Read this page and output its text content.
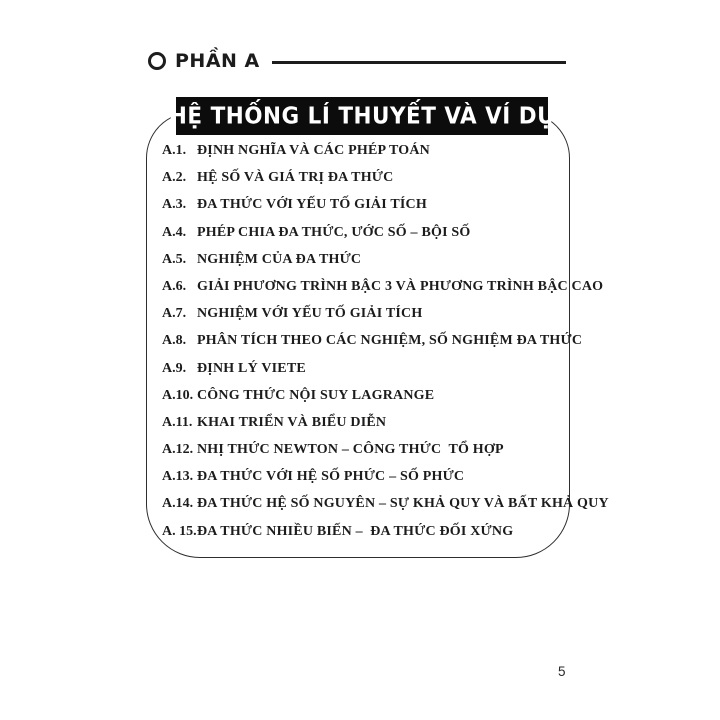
PHẦN A
HỆ THỐNG LÍ THUYẾT VÀ VÍ DỤ
A.1. ĐỊNH NGHĨA VÀ CÁC PHÉP TOÁN
A.2. HỆ SỐ VÀ GIÁ TRỊ ĐA THỨC
A.3. ĐA THỨC VỚI YẾU TỐ GIẢI TÍCH
A.4. PHÉP CHIA ĐA THỨC, ƯỚC SỐ – BỘI SỐ
A.5. NGHIỆM CỦA ĐA THỨC
A.6. GIẢI PHƯƠNG TRÌNH BẬC 3 VÀ PHƯƠNG TRÌNH BẬC CAO
A.7. NGHIỆM VỚI YẾU TỐ GIẢI TÍCH
A.8. PHÂN TÍCH THEO CÁC NGHIỆM, SỐ NGHIỆM ĐA THỨC
A.9. ĐỊNH LÝ VIETE
A.10. CÔNG THỨC NỘI SUY LAGRANGE
A.11. KHAI TRIỂN VÀ BIỂU DIỄN
A.12. NHỊ THỨC NEWTON – CÔNG THỨC  TỔ HỢP
A.13. ĐA THỨC VỚI HỆ SỐ PHỨC – SỐ PHỨC
A.14. ĐA THỨC HỆ SỐ NGUYÊN – SỰ KHẢ QUY VÀ BẤT KHẢ QUY
A. 15. ĐA THỨC NHIỀU BIẾN –  ĐA THỨC ĐỐI XỨNG
5
